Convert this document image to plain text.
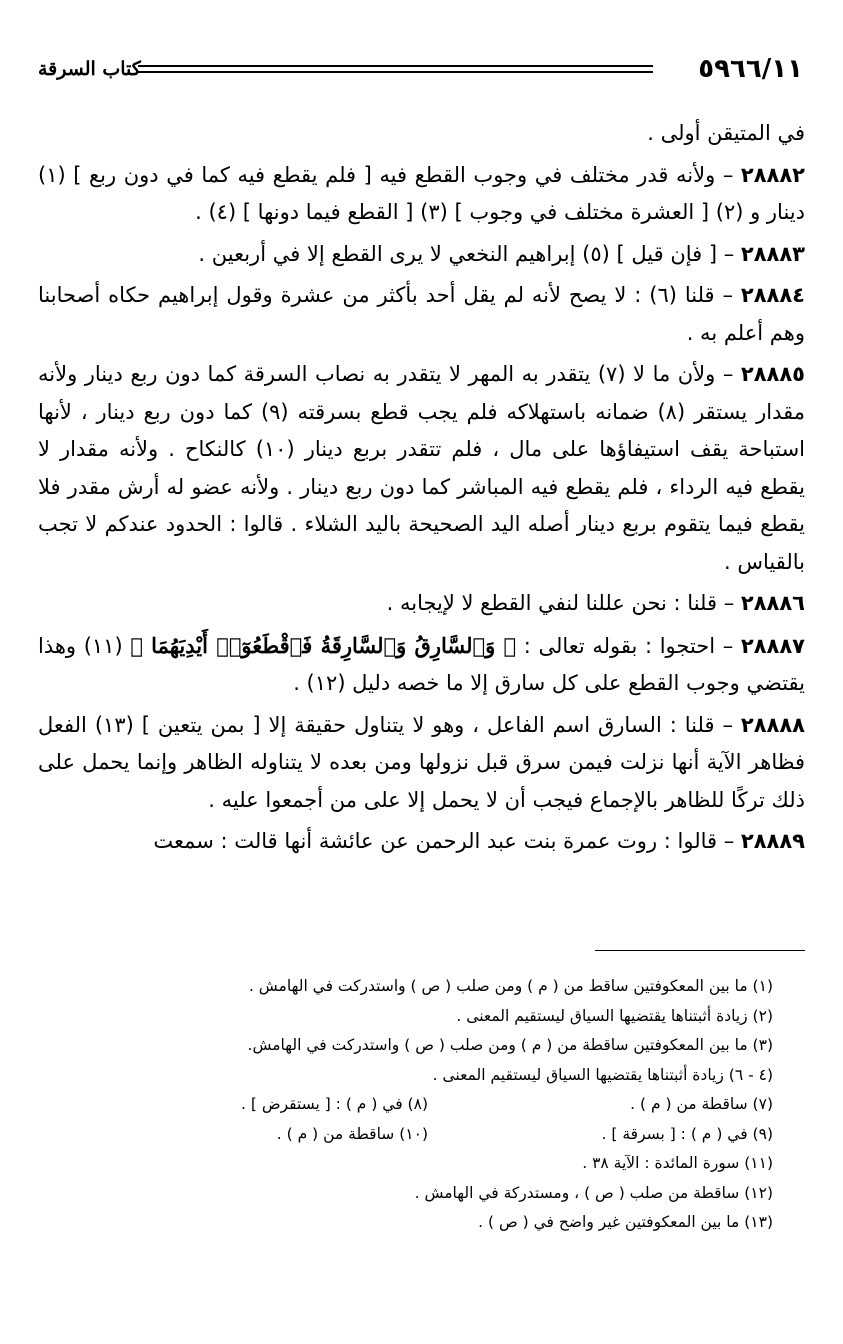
٥٩٦٦/١١
كتاب السرقة

في المتيقن أولى .

٢٨٨٨٢ – ولأنه قدر مختلف في وجوب القطع فيه [ فلم يقطع فيه كما في دون ربع ] (١) دينار و (٢) [ العشرة مختلف في وجوب ] (٣) [ القطع فيما دونها ] (٤) .

٢٨٨٨٣ – [ فإن قيل ] (٥) إبراهيم النخعي لا يرى القطع إلا في أربعين .

٢٨٨٨٤ – قلنا (٦) : لا يصح لأنه لم يقل أحد بأكثر من عشرة وقول إبراهيم حكاه أصحابنا وهم أعلم به .

٢٨٨٨٥ – ولأن ما لا (٧) يتقدر به المهر لا يتقدر به نصاب السرقة كما دون ربع دينار ولأنه مقدار يستقر (٨) ضمانه باستهلاكه فلم يجب قطع بسرقته (٩) كما دون ربع دينار ، لأنها استباحة يقف استيفاؤها على مال ، فلم تتقدر بربع دينار (١٠) كالنكاح . ولأنه مقدار لا يقطع فيه الرداء ، فلم يقطع فيه المباشر كما دون ربع دينار . ولأنه عضو له أرش مقدر فلا يقطع فيما يتقوم بربع دينار أصله اليد الصحيحة باليد الشلاء . قالوا : الحدود عندكم لا تجب بالقياس .

٢٨٨٨٦ – قلنا : نحن عللنا لنفي القطع لا لإيجابه .

٢٨٨٨٧ – احتجوا : بقوله تعالى : ﴿ وَٱلسَّارِقُ وَٱلسَّارِقَةُ فَٱقْطَعُوٓا۟ أَيْدِيَهُمَا ﴾ (١١) وهذا يقتضي وجوب القطع على كل سارق إلا ما خصه دليل (١٢) .

٢٨٨٨٨ – قلنا : السارق اسم الفاعل ، وهو لا يتناول حقيقة إلا [ بمن يتعين ] (١٣) الفعل فظاهر الآية أنها نزلت فيمن سرق قبل نزولها ومن بعده لا يتناوله الظاهر وإنما يحمل على ذلك تركًا للظاهر بالإجماع فيجب أن لا يحمل إلا على من أجمعوا عليه .

٢٨٨٨٩ – قالوا : روت عمرة بنت عبد الرحمن عن عائشة أنها قالت : سمعت

(١) ما بين المعكوفتين ساقط من ( م ) ومن صلب ( ص ) واستدركت في الهامش .
(٢) زيادة أثبتناها يقتضيها السياق ليستقيم المعنى .
(٣) ما بين المعكوفتين ساقطة من ( م ) ومن صلب ( ص ) واستدركت في الهامش.
(٤ - ٦) زيادة أثبتناها يقتضيها السياق ليستقيم المعنى .
(٧) ساقطة من ( م ) .
(٨) في ( م ) : [ يستقرض ] .
(٩) في ( م ) : [ بسرقة ] .
(١٠) ساقطة من ( م ) .
(١١) سورة المائدة : الآية ٣٨ .
(١٢) ساقطة من صلب ( ص ) ، ومستدركة في الهامش .
(١٣) ما بين المعكوفتين غير واضح في ( ص ) .
